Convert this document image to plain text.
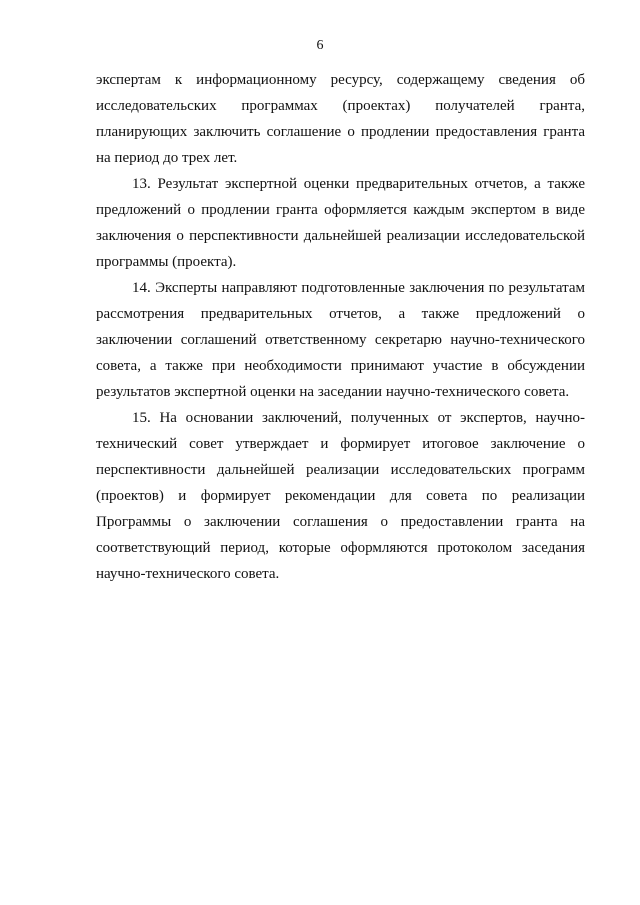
6

экспертам к информационному ресурсу, содержащему сведения об исследовательских программах (проектах) получателей гранта, планирующих заключить соглашение о продлении предоставления гранта на период до трех лет.

13. Результат экспертной оценки предварительных отчетов, а также предложений о продлении гранта оформляется каждым экспертом в виде заключения о перспективности дальнейшей реализации исследовательской программы (проекта).

14. Эксперты направляют подготовленные заключения по результатам рассмотрения предварительных отчетов, а также предложений о заключении соглашений ответственному секретарю научно-технического совета, а также при необходимости принимают участие в обсуждении результатов экспертной оценки на заседании научно-технического совета.

15. На основании заключений, полученных от экспертов, научно-технический совет утверждает и формирует итоговое заключение о перспективности дальнейшей реализации исследовательских программ (проектов) и формирует рекомендации для совета по реализации Программы о заключении соглашения о предоставлении гранта на соответствующий период, которые оформляются протоколом заседания научно-технического совета.
